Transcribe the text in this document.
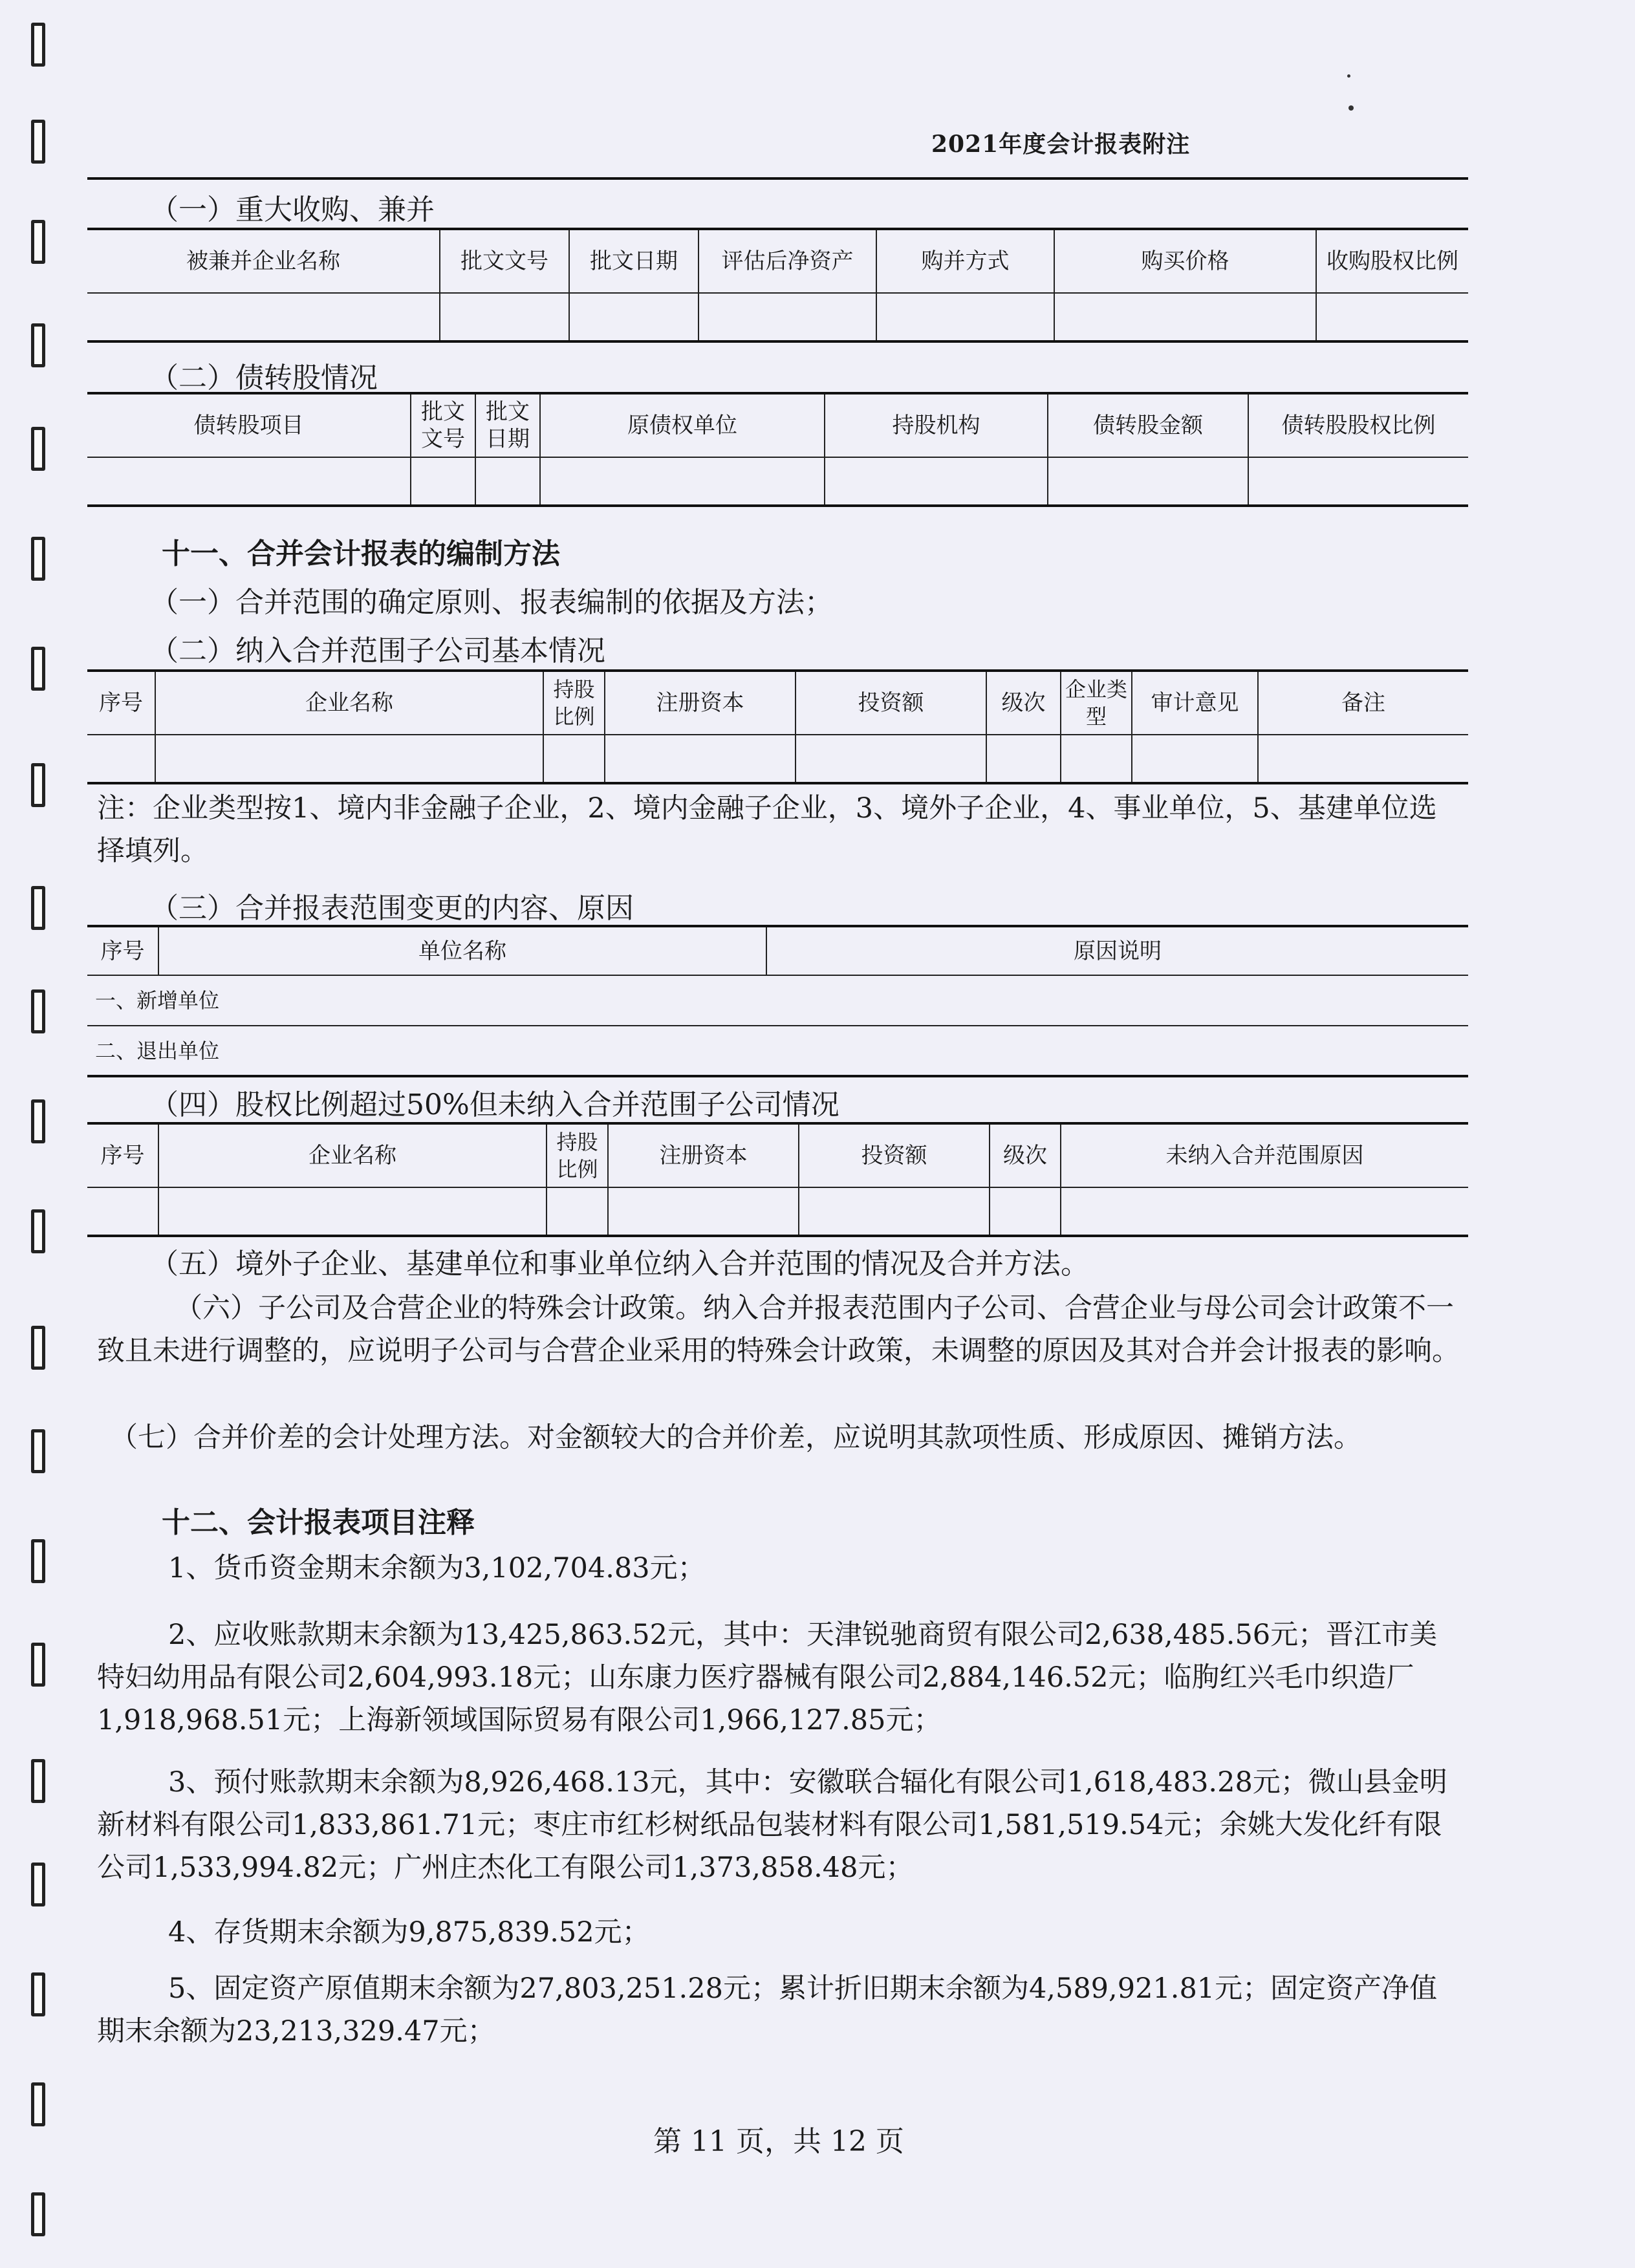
2021年度会计报表附注
（一）重大收购、兼并
被兼并企业名称	批文文号	批文日期	评估后净资产	购并方式	购买价格	收购股权比例

（二）债转股情况
债转股项目	批文文号	批文日期	原债权单位	持股机构	债转股金额	债转股股权比例

十一、合并会计报表的编制方法
（一）合并范围的确定原则、报表编制的依据及方法；
（二）纳入合并范围子公司基本情况
序号	企业名称	持股比例	注册资本	投资额	级次	企业类型	审计意见	备注

注：企业类型按1、境内非金融子企业，2、境内金融子企业，3、境外子企业，4、事业单位，5、基建单位选择填列。
（三）合并报表范围变更的内容、原因
序号	单位名称	原因说明
一、新增单位
二、退出单位
（四）股权比例超过50%但未纳入合并范围子公司情况
序号	企业名称	持股比例	注册资本	投资额	级次	未纳入合并范围原因

（五）境外子企业、基建单位和事业单位纳入合并范围的情况及合并方法。
（六）子公司及合营企业的特殊会计政策。纳入合并报表范围内子公司、合营企业与母公司会计政策不一致且未进行调整的，应说明子公司与合营企业采用的特殊会计政策，未调整的原因及其对合并会计报表的影响。
（七）合并价差的会计处理方法。对金额较大的合并价差，应说明其款项性质、形成原因、摊销方法。
十二、会计报表项目注释
1、货币资金期末余额为3,102,704.83元；
2、应收账款期末余额为13,425,863.52元，其中：天津锐驰商贸有限公司2,638,485.56元；晋江市美特妇幼用品有限公司2,604,993.18元；山东康力医疗器械有限公司2,884,146.52元；临朐红兴毛巾织造厂1,918,968.51元；上海新领域国际贸易有限公司1,966,127.85元；
3、预付账款期末余额为8,926,468.13元，其中：安徽联合辐化有限公司1,618,483.28元；微山县金明新材料有限公司1,833,861.71元；枣庄市红杉树纸品包装材料有限公司1,581,519.54元；余姚大发化纤有限公司1,533,994.82元；广州庄杰化工有限公司1,373,858.48元；
4、存货期末余额为9,875,839.52元；
5、固定资产原值期末余额为27,803,251.28元；累计折旧期末余额为4,589,921.81元；固定资产净值期末余额为23,213,329.47元；
第 11 页，共 12 页
